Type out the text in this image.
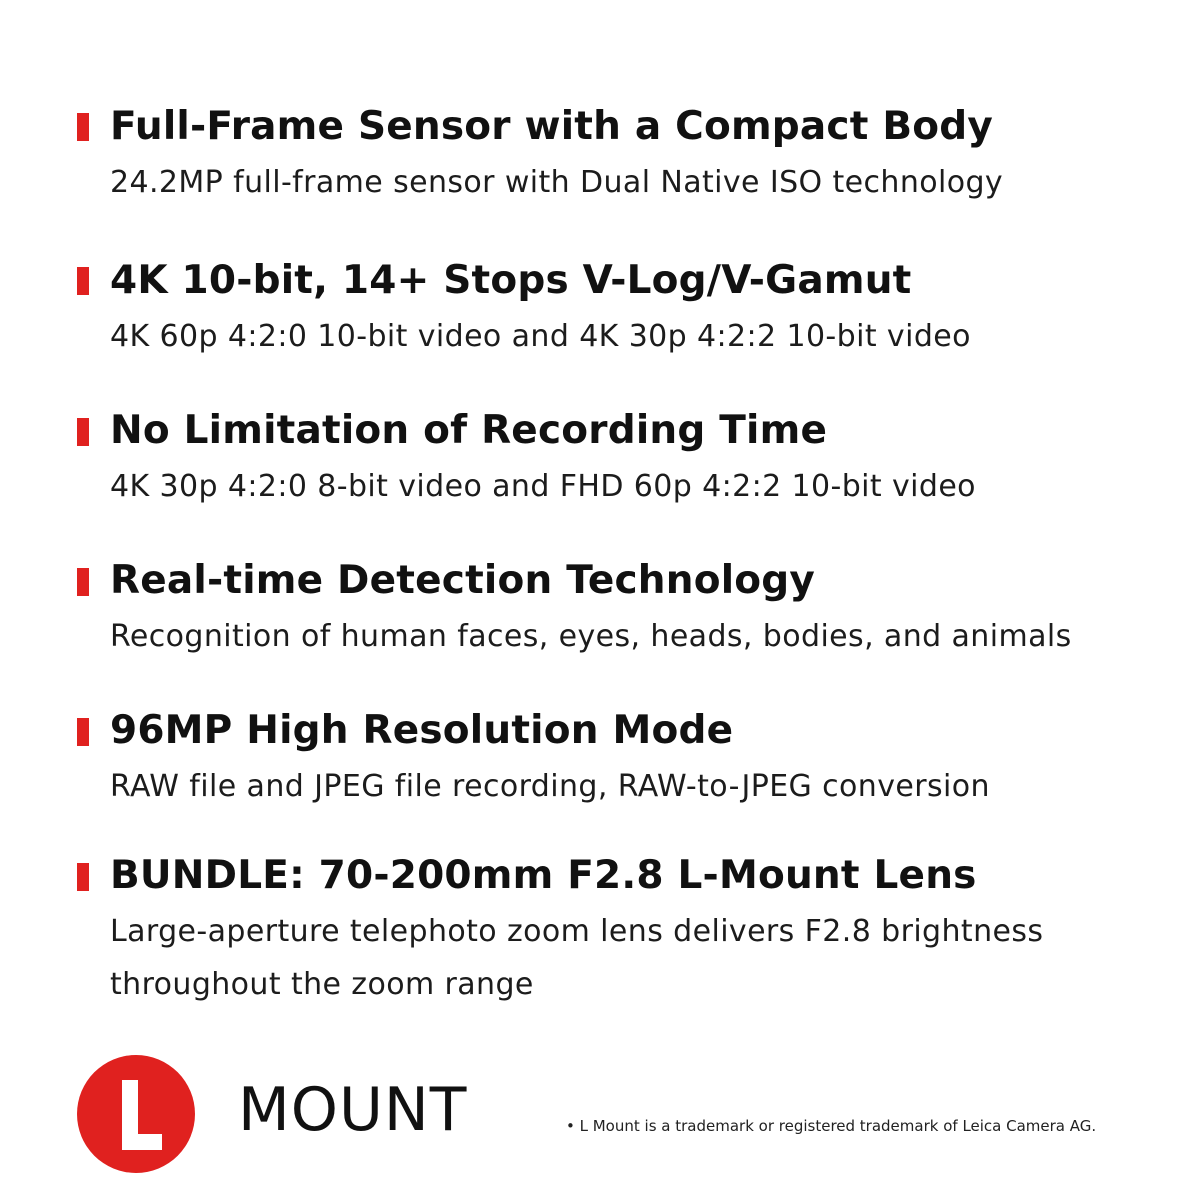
Full-Frame Sensor with a Compact Body
24.2MP full-frame sensor with Dual Native ISO technology
4K 10-bit, 14+ Stops V-Log/V-Gamut
4K 60p 4:2:0 10-bit video and 4K 30p 4:2:2 10-bit video
No Limitation of Recording Time
4K 30p 4:2:0 8-bit video and FHD 60p 4:2:2 10-bit video
Real-time Detection Technology
Recognition of human faces, eyes, heads, bodies, and animals
96MP High Resolution Mode
RAW file and JPEG file recording, RAW-to-JPEG conversion
BUNDLE: 70-200mm F2.8 L-Mount Lens
Large-aperture telephoto zoom lens delivers F2.8 brightness
throughout the zoom range
L
MOUNT	• L Mount is a trademark or registered trademark of Leica Camera AG.
